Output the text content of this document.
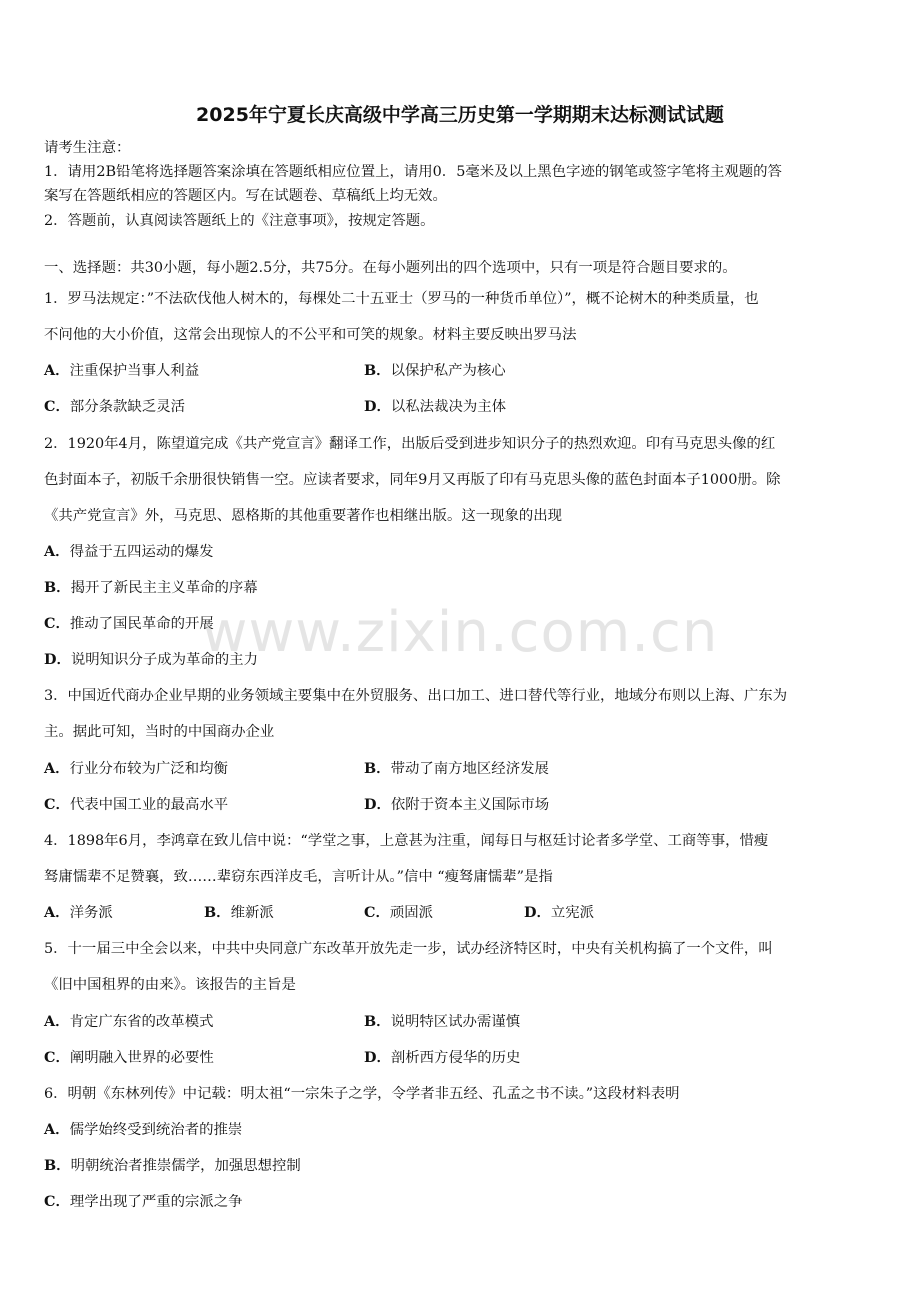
2025年宁夏长庆高级中学高三历史第一学期期末达标测试试题
请考生注意：
1．请用2B铅笔将选择题答案涂填在答题纸相应位置上，请用0．5毫米及以上黑色字迹的钢笔或签字笔将主观题的答
案写在答题纸相应的答题区内。写在试题卷、草稿纸上均无效。
2．答题前，认真阅读答题纸上的《注意事项》，按规定答题。
一、选择题：共30小题，每小题2.5分，共75分。在每小题列出的四个选项中，只有一项是符合题目要求的。
1．罗马法规定：”不法砍伐他人树木的，每棵处二十五亚士（罗马的一种货币单位）”，概不论树木的种类质量，也
不问他的大小价值，这常会出现惊人的不公平和可笑的规象。材料主要反映出罗马法
A．注重保护当事人利益	B．以保护私产为核心
C．部分条款缺乏灵活	D．以私法裁决为主体
2．1920年4月，陈望道完成《共产党宣言》翻译工作，出版后受到进步知识分子的热烈欢迎。印有马克思头像的红
色封面本子，初版千余册很快销售一空。应读者要求，同年9月又再版了印有马克思头像的蓝色封面本子1000册。除
《共产党宣言》外，马克思、恩格斯的其他重要著作也相继出版。这一现象的出现
A．得益于五四运动的爆发
B．揭开了新民主主义革命的序幕
C．推动了国民革命的开展
D．说明知识分子成为革命的主力
3．中国近代商办企业早期的业务领域主要集中在外贸服务、出口加工、进口替代等行业，地域分布则以上海、广东为
主。据此可知，当时的中国商办企业
A．行业分布较为广泛和均衡	B．带动了南方地区经济发展
C．代表中国工业的最高水平	D．依附于资本主义国际市场
4．1898年6月，李鸿章在致儿信中说：“学堂之事，上意甚为注重，闻每日与枢廷讨论者多学堂、工商等事，惜瘦
驽庸懦辈不足赞襄，致……辈窃东西洋皮毛，言听计从。”信中 “瘦驽庸懦辈”是指
A．洋务派	B．维新派	C．顽固派	D．立宪派
5．十一届三中全会以来，中共中央同意广东改革开放先走一步，试办经济特区时，中央有关机构搞了一个文件，叫
《旧中国租界的由来》。该报告的主旨是
A．肯定广东省的改革模式	B．说明特区试办需谨慎
C．阐明融入世界的必要性	D．剖析西方侵华的历史
6．明朝《东林列传》中记载：明太祖“一宗朱子之学，令学者非五经、孔孟之书不读。”这段材料表明
A．儒学始终受到统治者的推崇
B．明朝统治者推崇儒学，加强思想控制
C．理学出现了严重的宗派之争
www.zixin.com.cn
